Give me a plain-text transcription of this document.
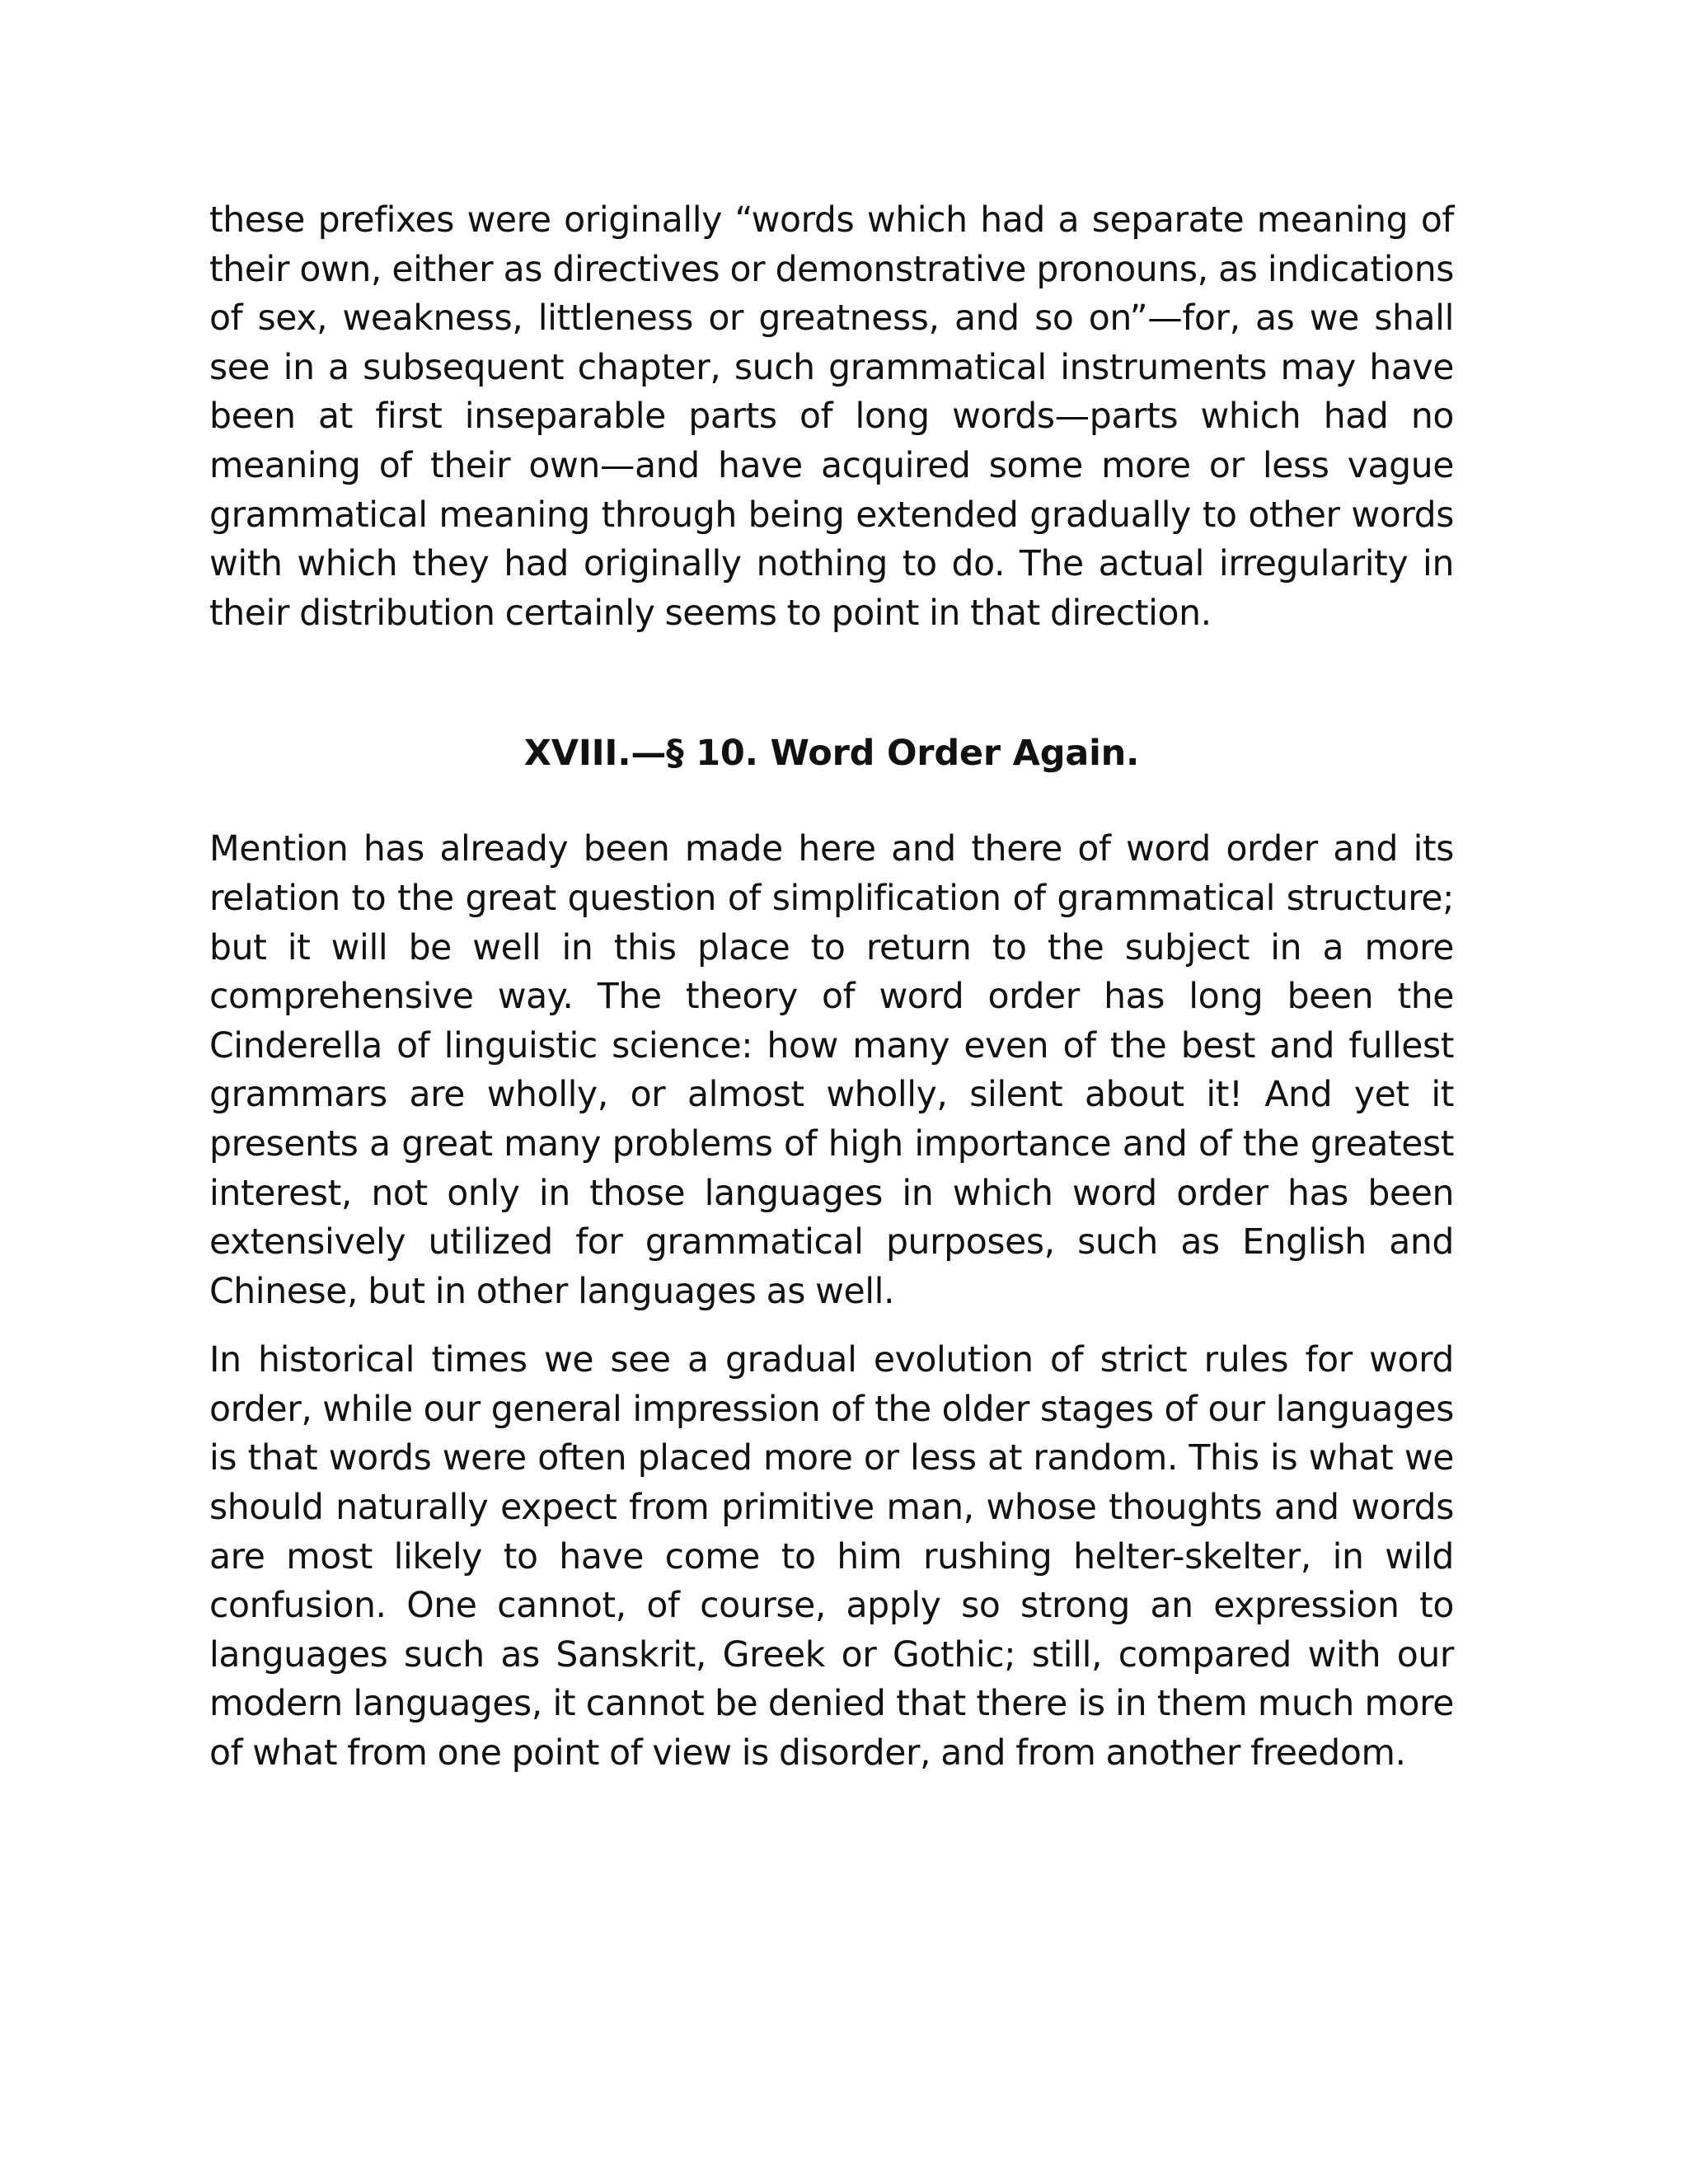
these prefixes were originally “words which had a separate meaning of their own, either as directives or demonstrative pronouns, as indications of sex, weakness, littleness or greatness, and so on”—for, as we shall see in a subsequent chapter, such grammatical instruments may have been at first inseparable parts of long words—parts which had no meaning of their own—and have acquired some more or less vague grammatical meaning through being extended gradually to other words with which they had originally nothing to do. The actual irregularity in their distribution certainly seems to point in that direction.

XVIII.—§ 10. Word Order Again.

Mention has already been made here and there of word order and its relation to the great question of simplification of grammatical structure; but it will be well in this place to return to the subject in a more comprehensive way. The theory of word order has long been the Cinderella of linguistic science: how many even of the best and fullest grammars are wholly, or almost wholly, silent about it! And yet it presents a great many problems of high importance and of the greatest interest, not only in those languages in which word order has been extensively utilized for grammatical purposes, such as English and Chinese, but in other languages as well.

In historical times we see a gradual evolution of strict rules for word order, while our general impression of the older stages of our languages is that words were often placed more or less at random. This is what we should naturally expect from primitive man, whose thoughts and words are most likely to have come to him rushing helter-skelter, in wild confusion. One cannot, of course, apply so strong an expression to languages such as Sanskrit, Greek or Gothic; still, compared with our modern languages, it cannot be denied that there is in them much more of what from one point of view is disorder, and from another freedom.
